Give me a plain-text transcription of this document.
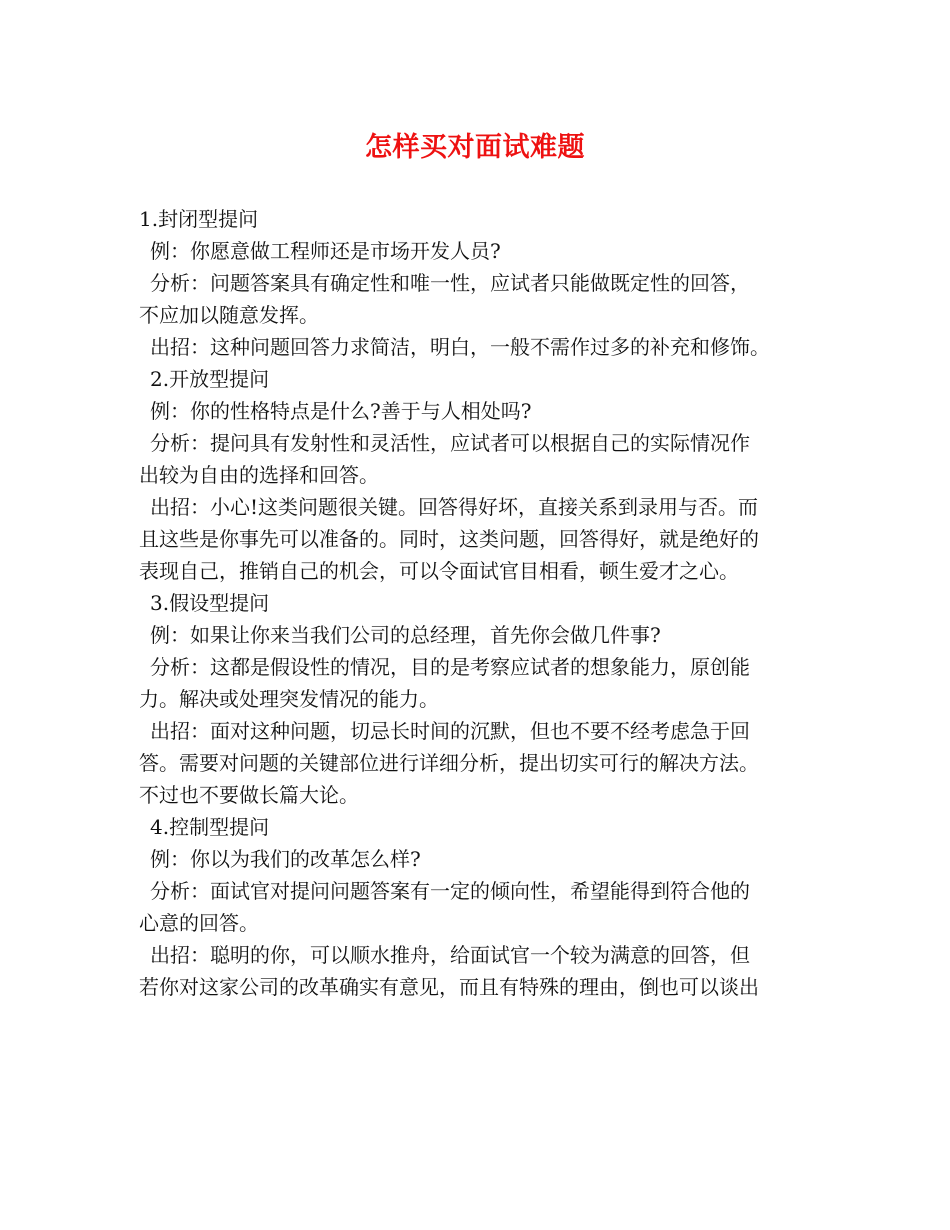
怎样买对面试难题

1.封闭型提问

例：你愿意做工程师还是市场开发人员?

分析：问题答案具有确定性和唯一性，应试者只能做既定性的回答，

不应加以随意发挥。

出招：这种问题回答力求简洁，明白，一般不需作过多的补充和修饰。

2.开放型提问

例：你的性格特点是什么?善于与人相处吗?

分析：提问具有发射性和灵活性，应试者可以根据自己的实际情况作

出较为自由的选择和回答。

出招：小心!这类问题很关键。回答得好坏，直接关系到录用与否。而

且这些是你事先可以准备的。同时，这类问题，回答得好，就是绝好的

表现自己，推销自己的机会，可以令面试官目相看，顿生爱才之心。

3.假设型提问

例：如果让你来当我们公司的总经理，首先你会做几件事?

分析：这都是假设性的情况，目的是考察应试者的想象能力，原创能

力。解决或处理突发情况的能力。

出招：面对这种问题，切忌长时间的沉默，但也不要不经考虑急于回

答。需要对问题的关键部位进行详细分析，提出切实可行的解决方法。

不过也不要做长篇大论。

4.控制型提问

例：你以为我们的改革怎么样?

分析：面试官对提问问题答案有一定的倾向性，希望能得到符合他的

心意的回答。

出招：聪明的你，可以顺水推舟，给面试官一个较为满意的回答，但

若你对这家公司的改革确实有意见，而且有特殊的理由，倒也可以谈出
